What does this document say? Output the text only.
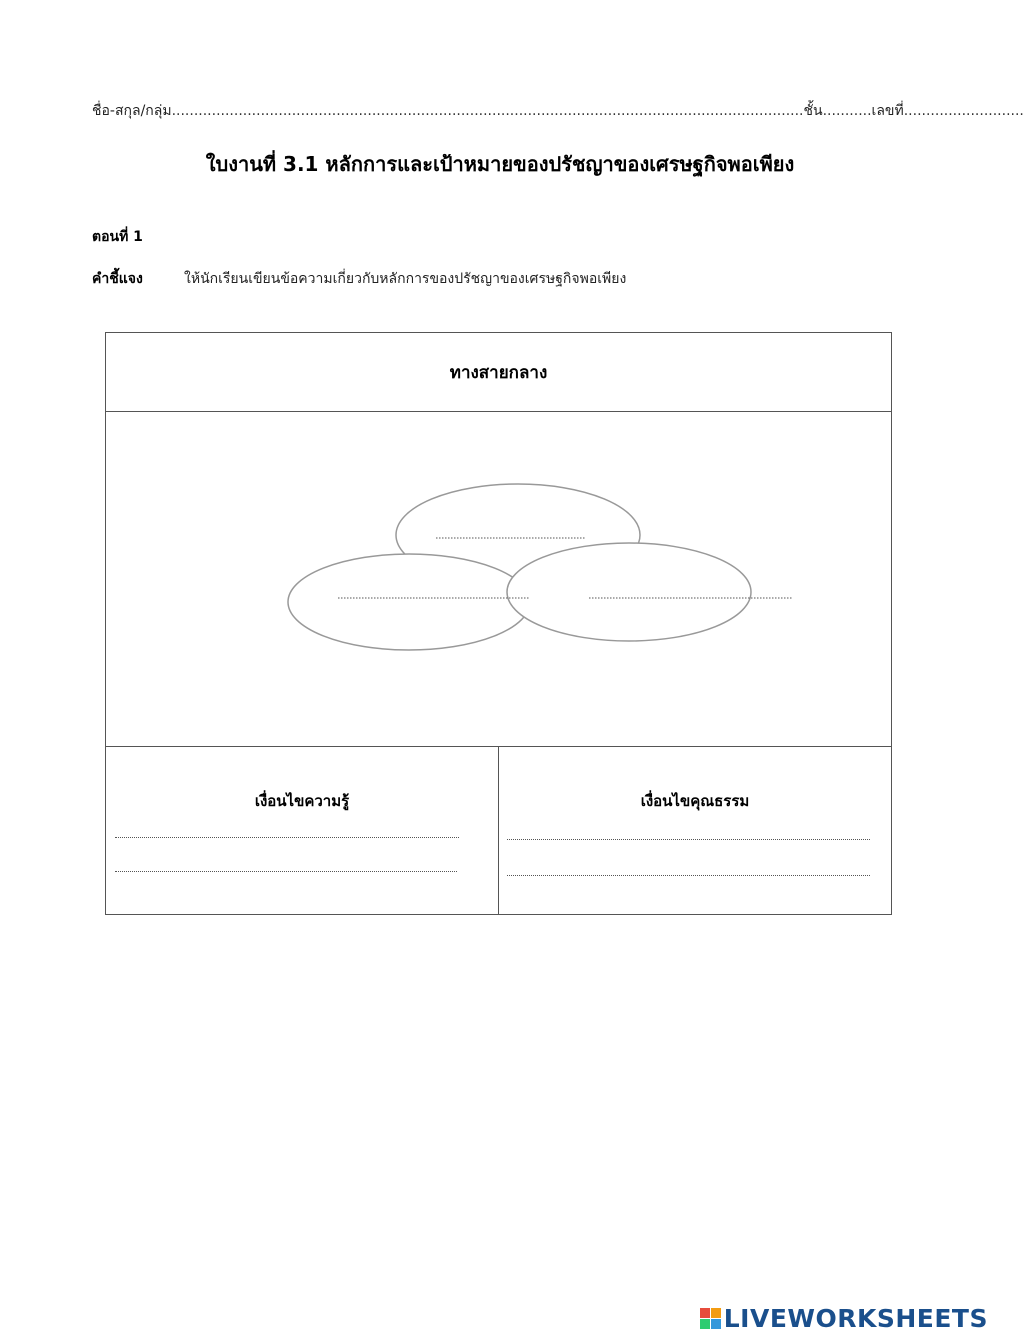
ชื่อ-สกุล/กลุ่ม..............................................................................................................................................ชั้น...........เลขที่...........................
ใบงานที่ 3.1 หลักการและเป้าหมายของปรัชญาของเศรษฐกิจพอเพียง
ตอนที่ 1
คำชี้แจง	ให้นักเรียนเขียนข้อความเกี่ยวกับหลักการของปรัชญาของเศรษฐกิจพอเพียง
ทางสายกลาง
เงื่อนไขความรู้	เงื่อนไขคุณธรรม
LIVEWORKSHEETS
